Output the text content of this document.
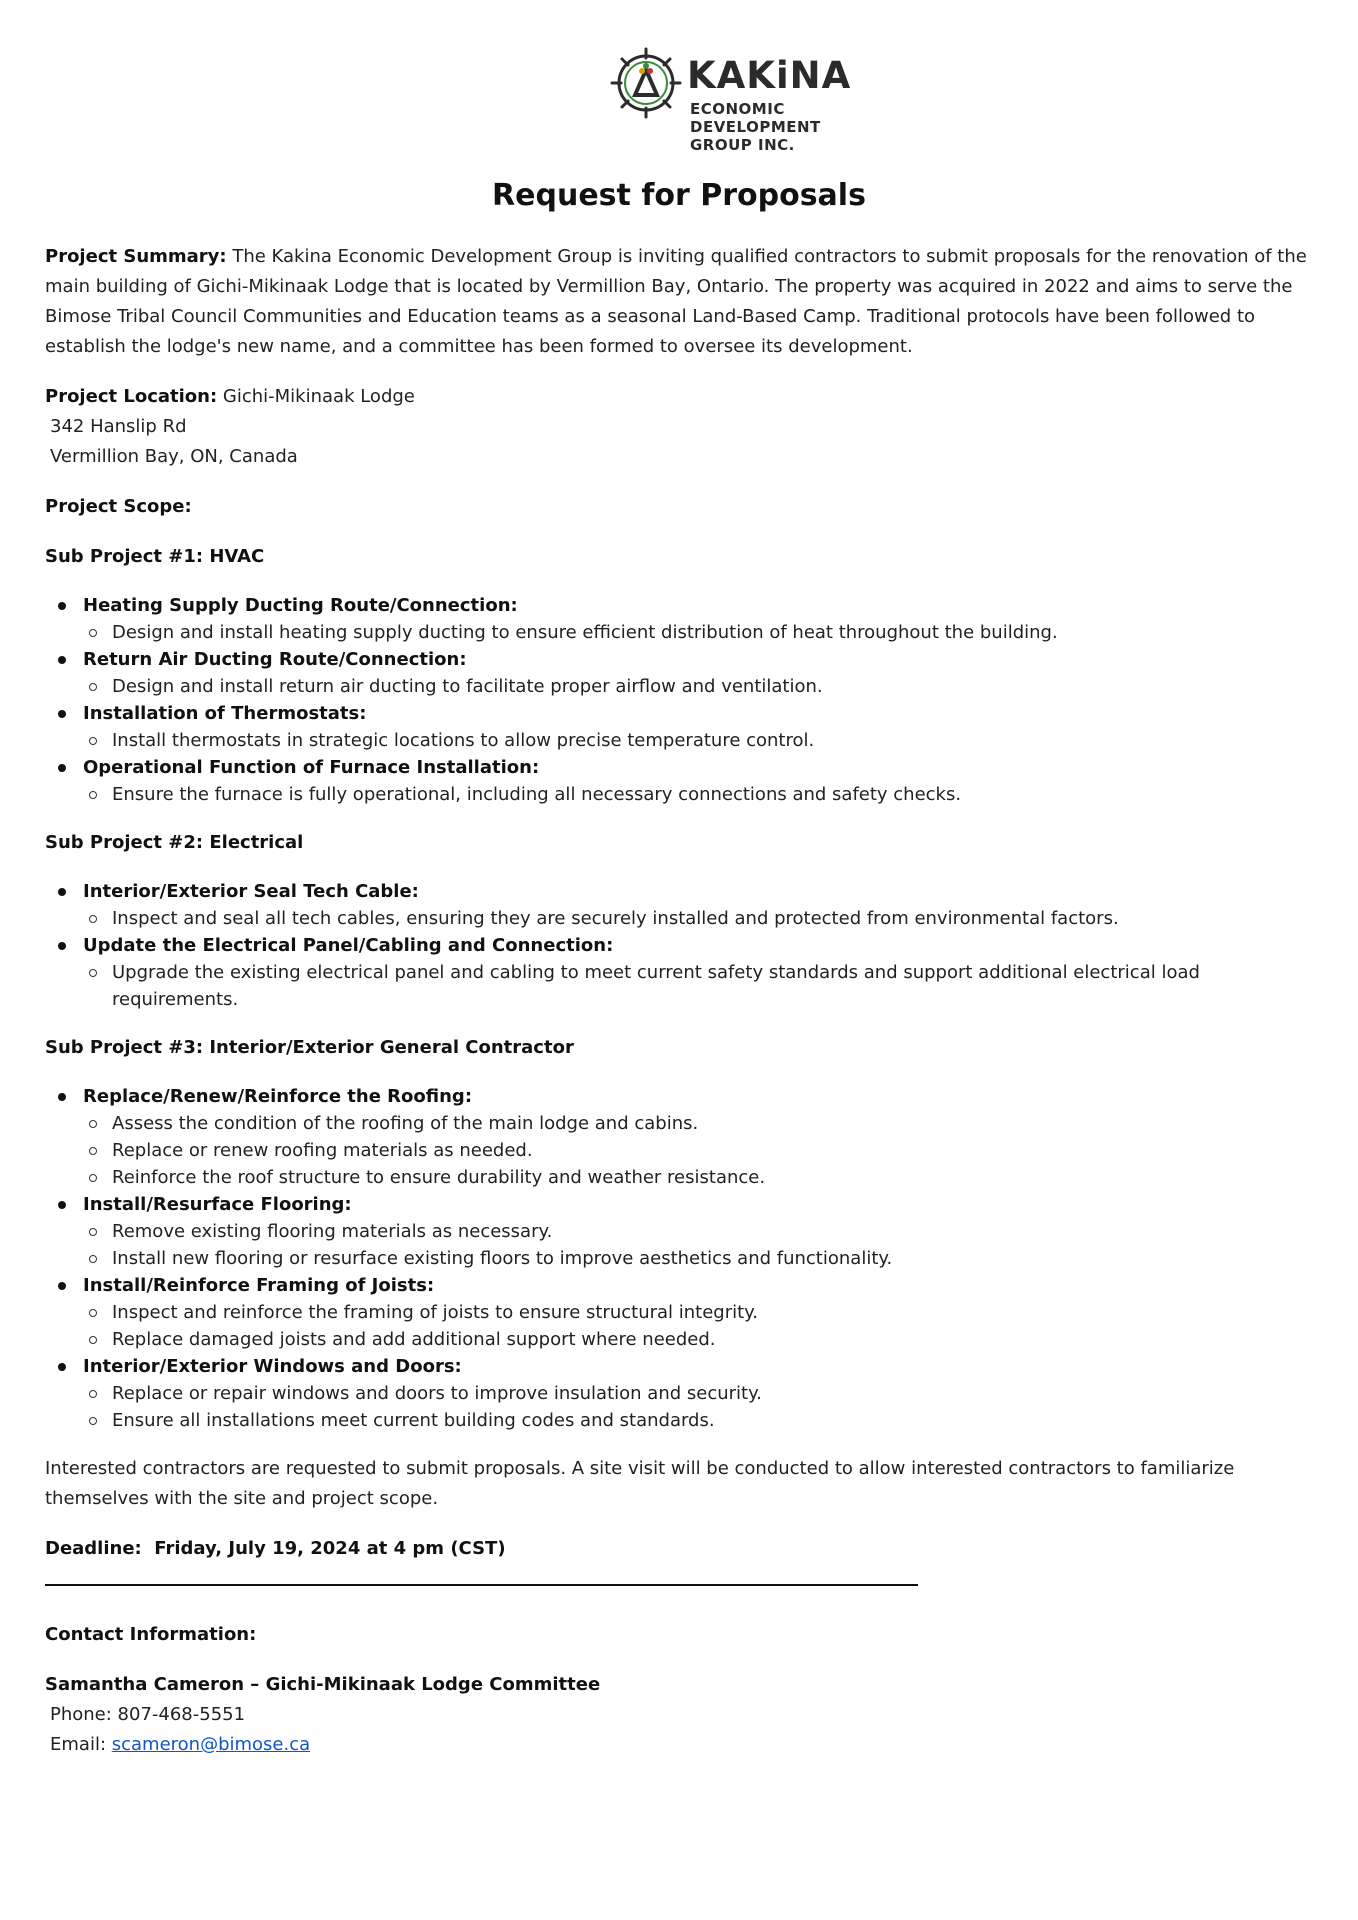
KAKiNA
ECONOMIC
DEVELOPMENT
GROUP INC.
Request for Proposals

Project Summary: The Kakina Economic Development Group is inviting qualified contractors to submit proposals for the renovation of the main building of Gichi-Mikinaak Lodge that is located by Vermillion Bay, Ontario. The property was acquired in 2022 and aims to serve the Bimose Tribal Council Communities and Education teams as a seasonal Land-Based Camp. Traditional protocols have been followed to establish the lodge's new name, and a committee has been formed to oversee its development.

Project Location: Gichi-Mikinaak Lodge
342 Hanslip Rd
Vermillion Bay, ON, Canada

Project Scope:

Sub Project #1: HVAC

Heating Supply Ducting Route/Connection:
Design and install heating supply ducting to ensure efficient distribution of heat throughout the building.
Return Air Ducting Route/Connection:
Design and install return air ducting to facilitate proper airflow and ventilation.
Installation of Thermostats:
Install thermostats in strategic locations to allow precise temperature control.
Operational Function of Furnace Installation:
Ensure the furnace is fully operational, including all necessary connections and safety checks.

Sub Project #2: Electrical

Interior/Exterior Seal Tech Cable:
Inspect and seal all tech cables, ensuring they are securely installed and protected from environmental factors.
Update the Electrical Panel/Cabling and Connection:
Upgrade the existing electrical panel and cabling to meet current safety standards and support additional electrical load requirements.

Sub Project #3: Interior/Exterior General Contractor

Replace/Renew/Reinforce the Roofing:
Assess the condition of the roofing of the main lodge and cabins.
Replace or renew roofing materials as needed.
Reinforce the roof structure to ensure durability and weather resistance.
Install/Resurface Flooring:
Remove existing flooring materials as necessary.
Install new flooring or resurface existing floors to improve aesthetics and functionality.
Install/Reinforce Framing of Joists:
Inspect and reinforce the framing of joists to ensure structural integrity.
Replace damaged joists and add additional support where needed.
Interior/Exterior Windows and Doors:
Replace or repair windows and doors to improve insulation and security.
Ensure all installations meet current building codes and standards.

Interested contractors are requested to submit proposals. A site visit will be conducted to allow interested contractors to familiarize themselves with the site and project scope.

Deadline: Friday, July 19, 2024 at 4 pm (CST)

Contact Information:

Samantha Cameron – Gichi-Mikinaak Lodge Committee
Phone: 807-468-5551
Email: scameron@bimose.ca
